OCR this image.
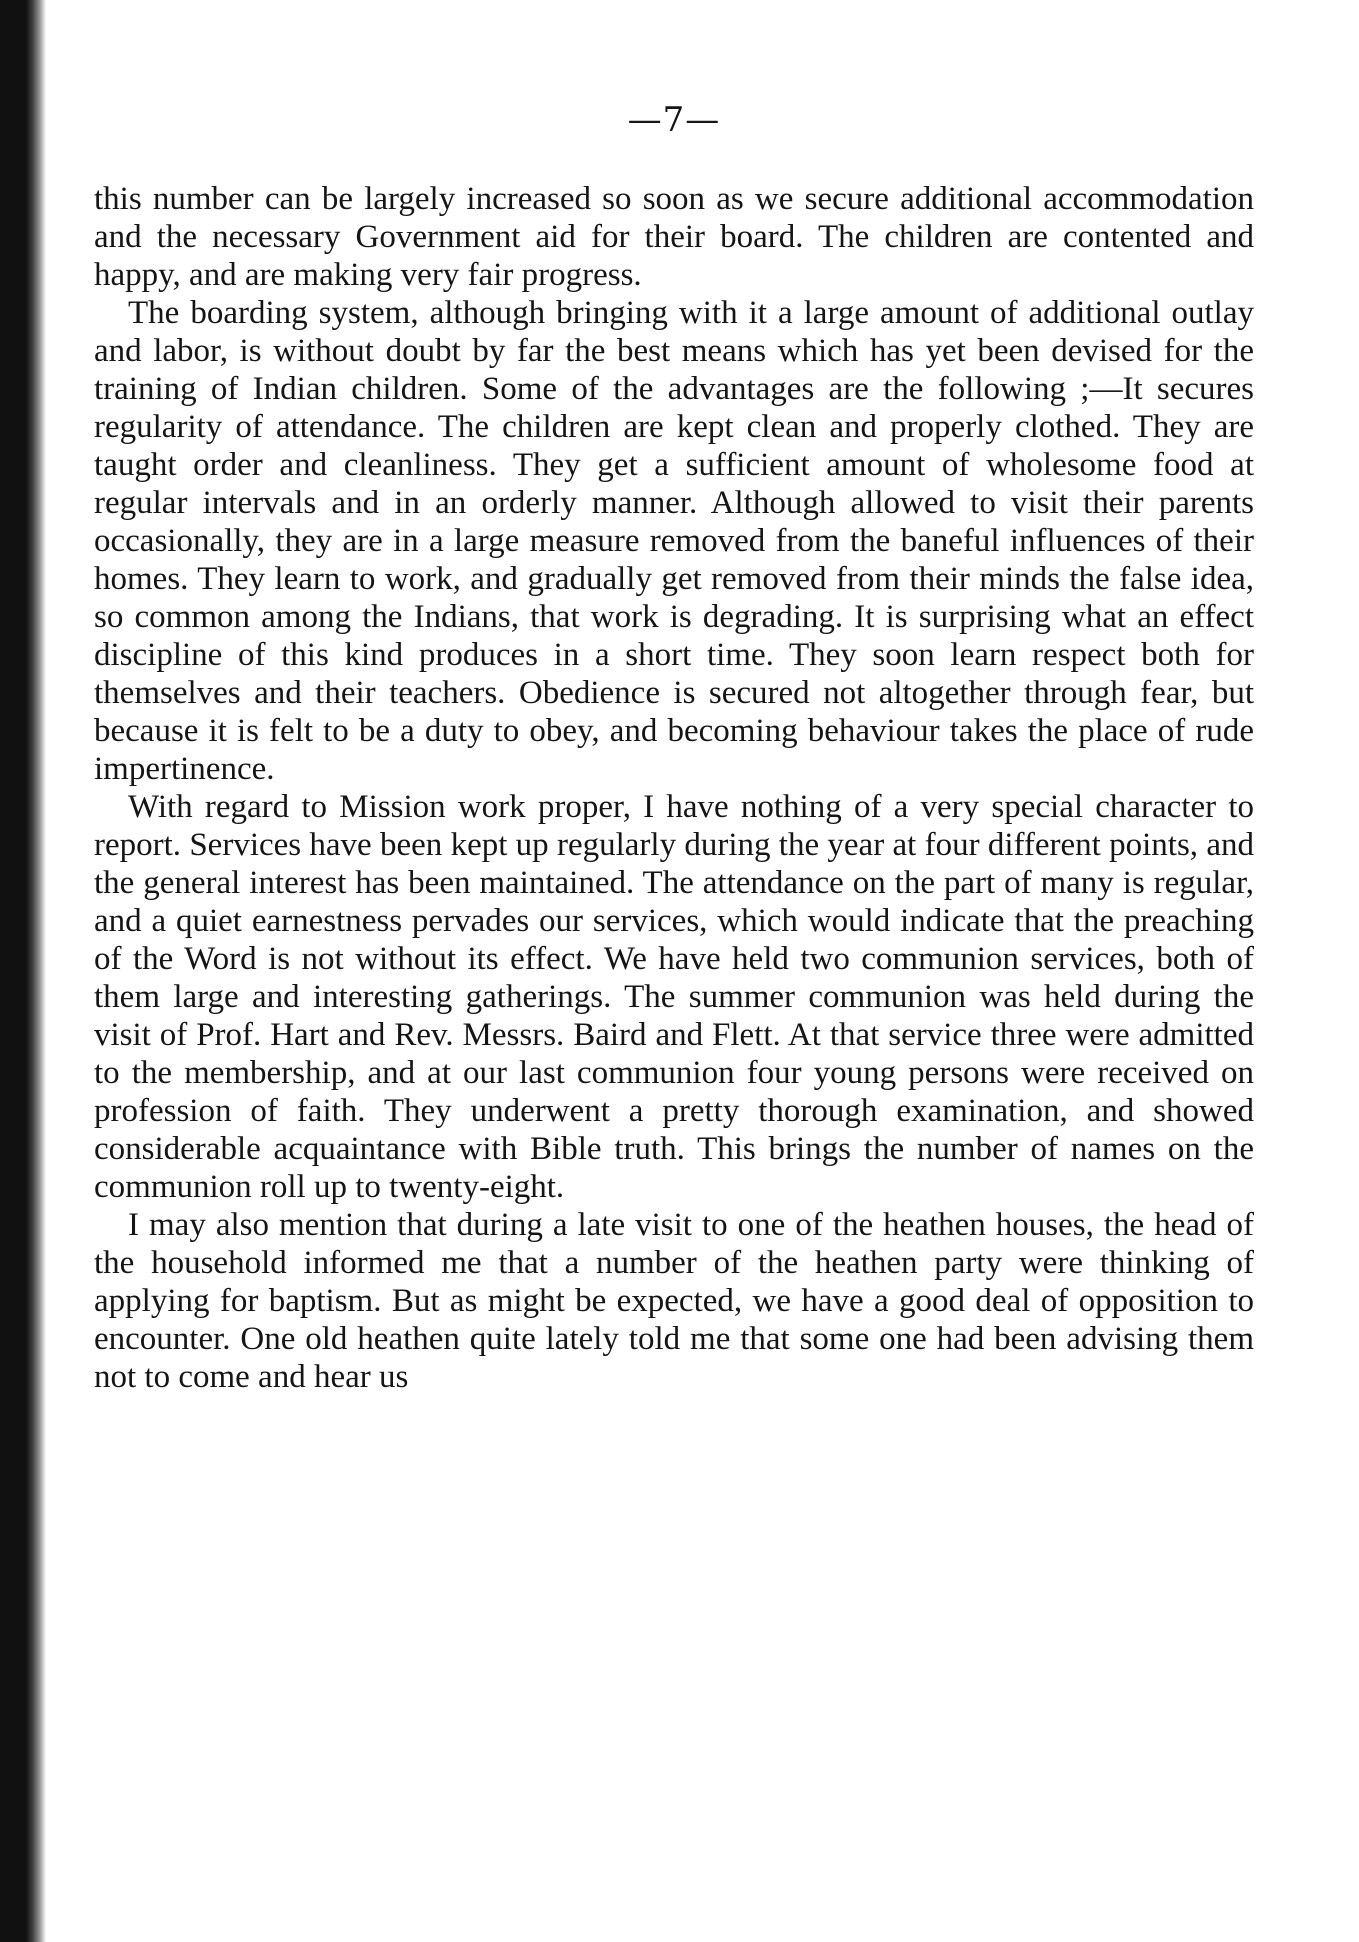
—7—

this number can be largely increased so soon as we secure additional accommodation and the necessary Government aid for their board. The children are contented and happy, and are making very fair progress.

The boarding system, although bringing with it a large amount of additional outlay and labor, is without doubt by far the best means which has yet been devised for the training of Indian children. Some of the advantages are the following ;—It secures regularity of attendance. The children are kept clean and properly clothed. They are taught order and cleanliness. They get a sufficient amount of wholesome food at regular intervals and in an orderly manner. Although allowed to visit their parents occasionally, they are in a large measure removed from the baneful influences of their homes. They learn to work, and gradually get removed from their minds the false idea, so common among the Indians, that work is degrading. It is surprising what an effect discipline of this kind produces in a short time. They soon learn respect both for themselves and their teachers. Obedience is secured not altogether through fear, but because it is felt to be a duty to obey, and becoming behaviour takes the place of rude impertinence.

With regard to Mission work proper, I have nothing of a very special character to report. Services have been kept up regularly during the year at four different points, and the general interest has been maintained. The attendance on the part of many is regular, and a quiet earnestness pervades our services, which would indicate that the preaching of the Word is not without its effect. We have held two communion services, both of them large and interesting gatherings. The summer communion was held during the visit of Prof. Hart and Rev. Messrs. Baird and Flett. At that service three were admitted to the membership, and at our last communion four young persons were received on profession of faith. They underwent a pretty thorough examination, and showed considerable acquaintance with Bible truth. This brings the number of names on the communion roll up to twenty-eight.

I may also mention that during a late visit to one of the heathen houses, the head of the household informed me that a number of the heathen party were thinking of applying for baptism. But as might be expected, we have a good deal of opposition to encounter. One old heathen quite lately told me that some one had been advising them not to come and hear us
